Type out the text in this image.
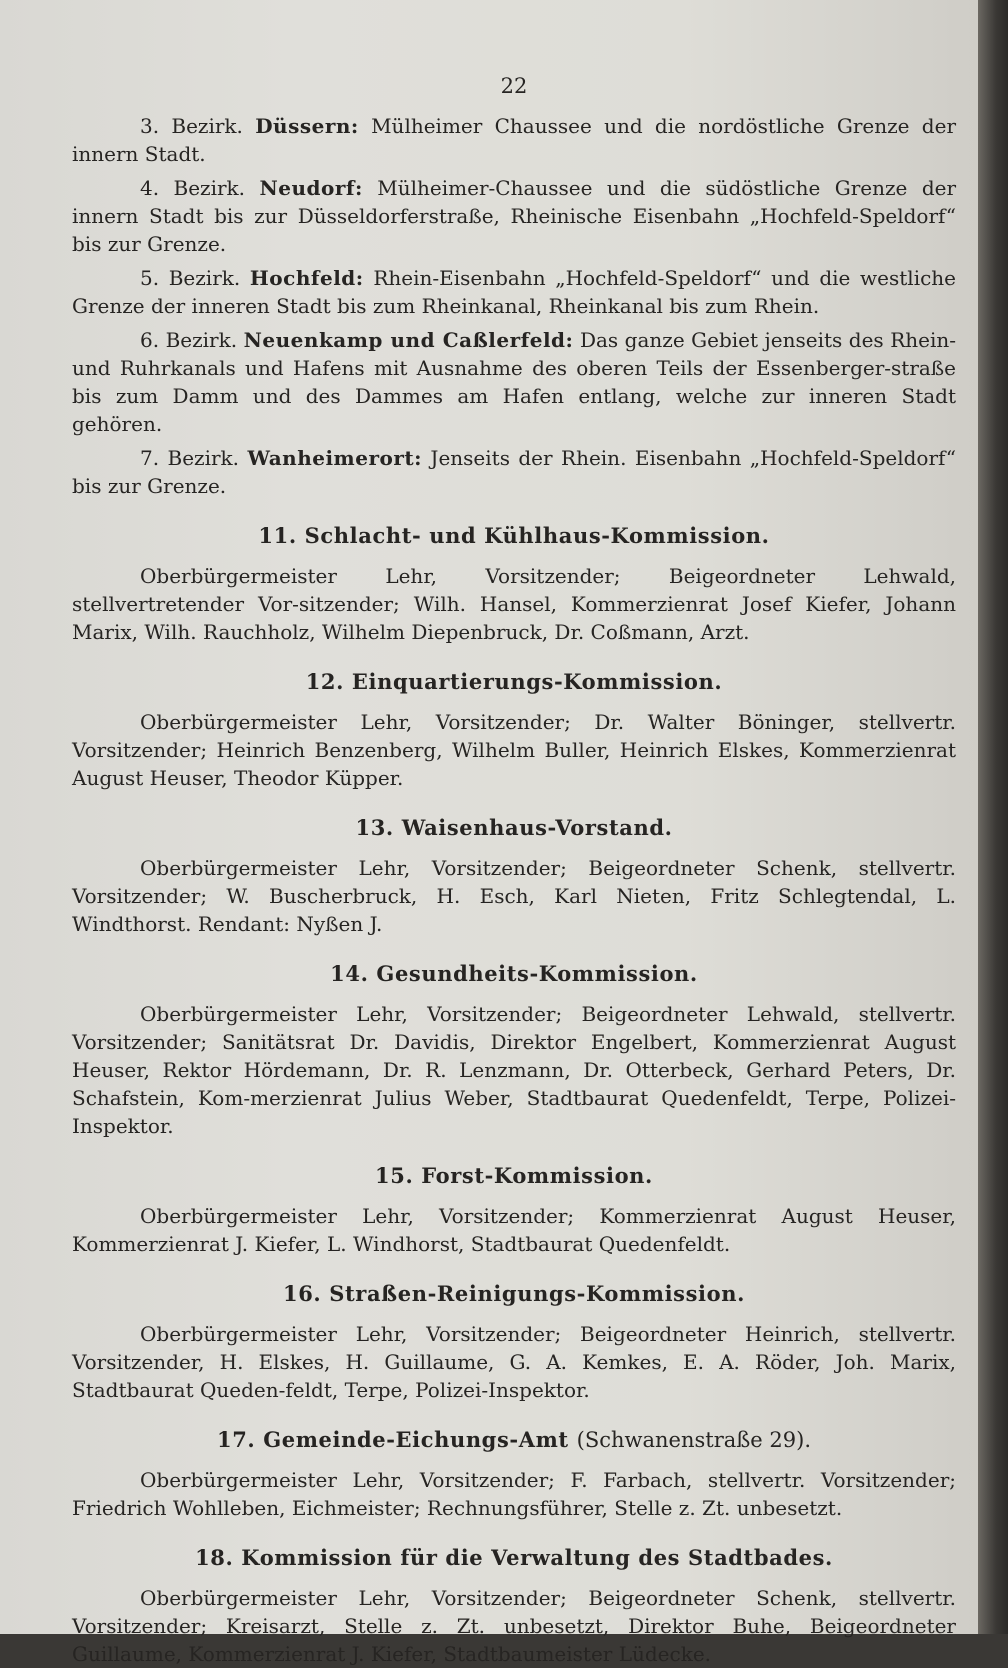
22

3. Bezirk. Düssern: Mülheimer Chaussee und die nordöstliche Grenze der innern Stadt.

4. Bezirk. Neudorf: Mülheimer-Chaussee und die südöstliche Grenze der innern Stadt bis zur Düsseldorferstraße, Rheinische Eisenbahn „Hochfeld-Speldorf“ bis zur Grenze.

5. Bezirk. Hochfeld: Rhein-Eisenbahn „Hochfeld-Speldorf“ und die westliche Grenze der inneren Stadt bis zum Rheinkanal, Rheinkanal bis zum Rhein.

6. Bezirk. Neuenkamp und Caßlerfeld: Das ganze Gebiet jenseits des Rhein- und Ruhrkanals und Hafens mit Ausnahme des oberen Teils der Essenberger-straße bis zum Damm und des Dammes am Hafen entlang, welche zur inneren Stadt gehören.

7. Bezirk. Wanheimerort: Jenseits der Rhein. Eisenbahn „Hochfeld-Speldorf“ bis zur Grenze.

11. Schlacht- und Kühlhaus-Kommission.

Oberbürgermeister Lehr, Vorsitzender; Beigeordneter Lehwald, stellvertretender Vor-sitzender; Wilh. Hansel, Kommerzienrat Josef Kiefer, Johann Marix, Wilh. Rauchholz, Wilhelm Diepenbruck, Dr. Coßmann, Arzt.

12. Einquartierungs-Kommission.

Oberbürgermeister Lehr, Vorsitzender; Dr. Walter Böninger, stellvertr. Vorsitzender; Heinrich Benzenberg, Wilhelm Buller, Heinrich Elskes, Kommerzienrat August Heuser, Theodor Küpper.

13. Waisenhaus-Vorstand.

Oberbürgermeister Lehr, Vorsitzender; Beigeordneter Schenk, stellvertr. Vorsitzender; W. Buscherbruck, H. Esch, Karl Nieten, Fritz Schlegtendal, L. Windthorst. Rendant: Nyßen J.

14. Gesundheits-Kommission.

Oberbürgermeister Lehr, Vorsitzender; Beigeordneter Lehwald, stellvertr. Vorsitzender; Sanitätsrat Dr. Davidis, Direktor Engelbert, Kommerzienrat August Heuser, Rektor Hördemann, Dr. R. Lenzmann, Dr. Otterbeck, Gerhard Peters, Dr. Schafstein, Kom-merzienrat Julius Weber, Stadtbaurat Quedenfeldt, Terpe, Polizei-Inspektor.

15. Forst-Kommission.

Oberbürgermeister Lehr, Vorsitzender; Kommerzienrat August Heuser, Kommerzienrat J. Kiefer, L. Windhorst, Stadtbaurat Quedenfeldt.

16. Straßen-Reinigungs-Kommission.

Oberbürgermeister Lehr, Vorsitzender; Beigeordneter Heinrich, stellvertr. Vorsitzender, H. Elskes, H. Guillaume, G. A. Kemkes, E. A. Röder, Joh. Marix, Stadtbaurat Queden-feldt, Terpe, Polizei-Inspektor.

17. Gemeinde-Eichungs-Amt (Schwanenstraße 29).

Oberbürgermeister Lehr, Vorsitzender; F. Farbach, stellvertr. Vorsitzender; Friedrich Wohlleben, Eichmeister; Rechnungsführer, Stelle z. Zt. unbesetzt.

18. Kommission für die Verwaltung des Stadtbades.

Oberbürgermeister Lehr, Vorsitzender; Beigeordneter Schenk, stellvertr. Vorsitzender; Kreisarzt, Stelle z. Zt. unbesetzt, Direktor Buhe, Beigeordneter Guillaume, Kommerzienrat J. Kiefer, Stadtbaumeister Lüdecke.
